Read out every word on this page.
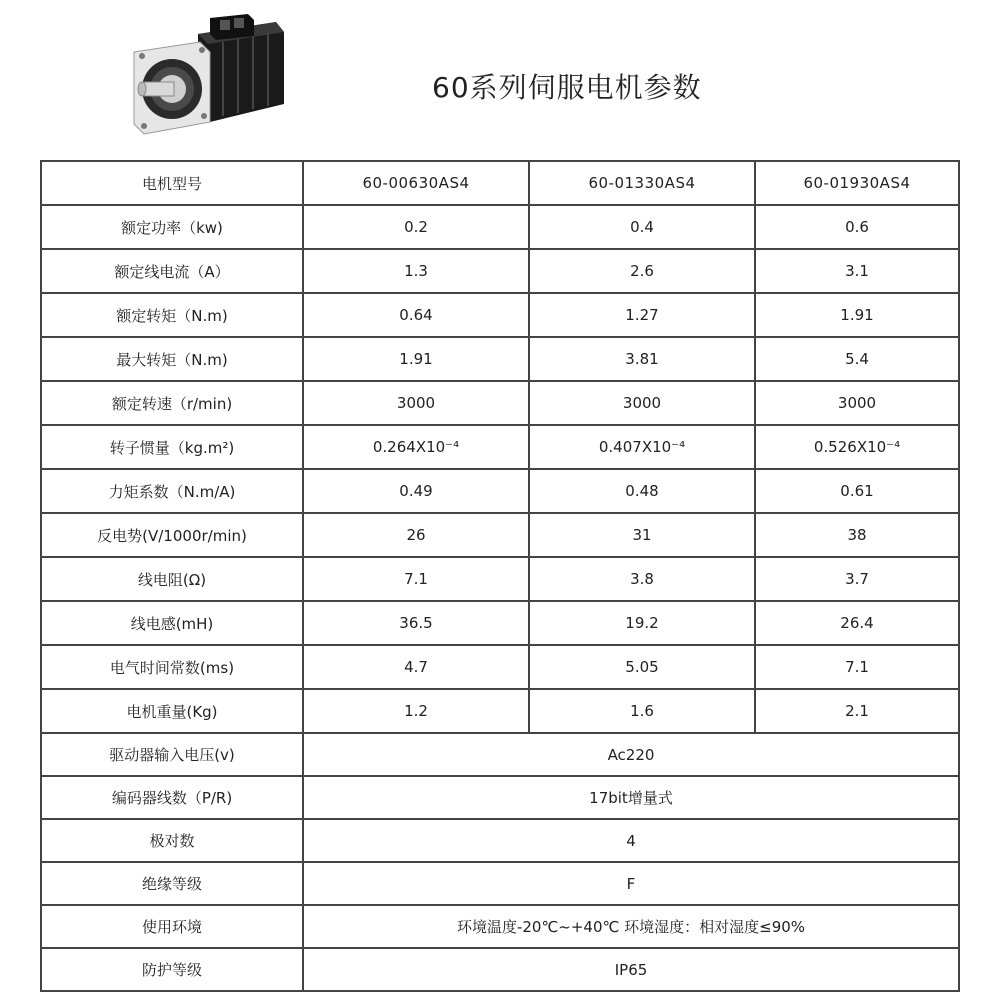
60系列伺服电机参数
电机型号	60-00630AS4	60-01330AS4	60-01930AS4
额定功率（kw)	0.2	0.4	0.6
额定线电流（A）	1.3	2.6	3.1
额定转矩（N.m)	0.64	1.27	1.91
最大转矩（N.m)	1.91	3.81	5.4
额定转速（r/min)	3000	3000	3000
转子惯量（kg.m²)	0.264X10⁻⁴	0.407X10⁻⁴	0.526X10⁻⁴
力矩系数（N.m/A)	0.49	0.48	0.61
反电势(V/1000r/min)	26	31	38
线电阻(Ω)	7.1	3.8	3.7
线电感(mH)	36.5	19.2	26.4
电气时间常数(ms)	4.7	5.05	7.1
电机重量(Kg)	1.2	1.6	2.1
驱动器输入电压(v)	Ac220		
编码器线数（P/R)	17bit增量式		
极对数	4		
绝缘等级	F		
使用环境	环境温度-20℃~+40℃ 环境湿度：相对湿度≤90%		
防护等级	IP65		
